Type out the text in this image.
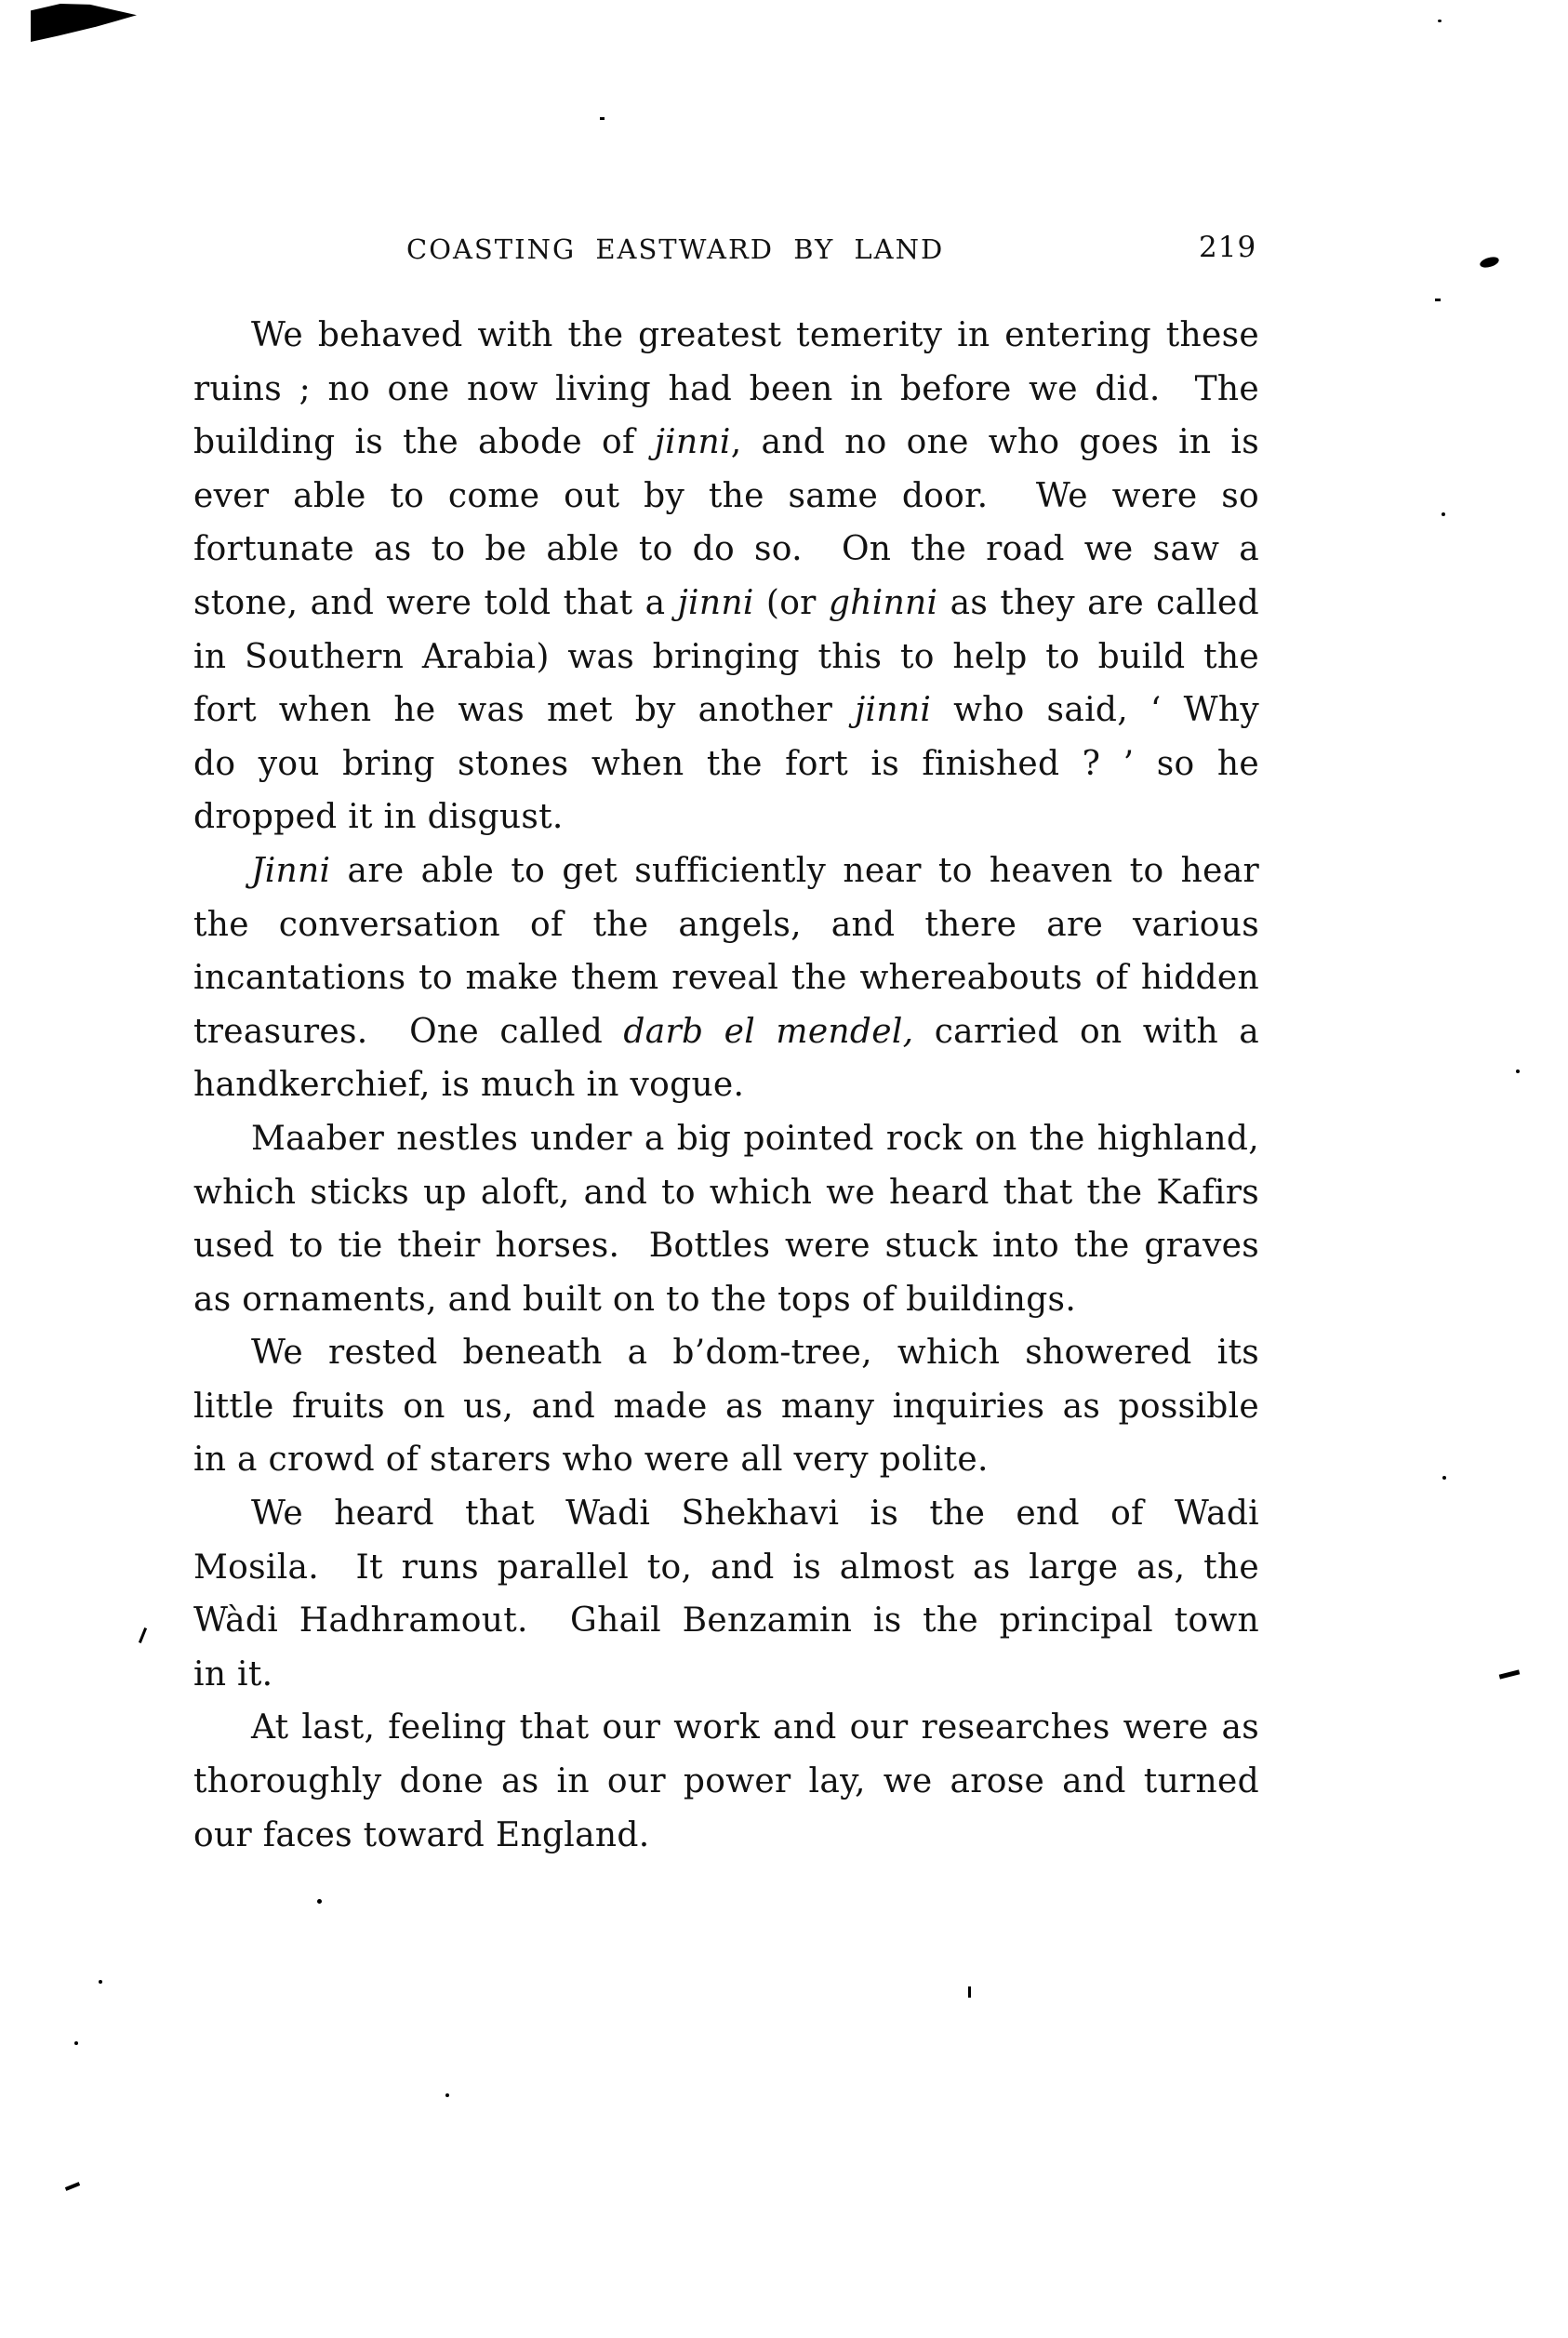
COASTING EASTWARD BY LAND	219
We behaved with the greatest temerity in entering these
ruins ; no one now living had been in before we did.  The
building is the abode of jinni, and no one who goes in is
ever able to come out by the same door.  We were so
fortunate as to be able to do so.  On the road we saw a
stone, and were told that a jinni (or ghinni as they are called
in Southern Arabia) was bringing this to help to build the
fort when he was met by another jinni who said, ‘ Why
do you bring stones when the fort is finished ? ’ so he
dropped it in disgust.
Jinni are able to get sufficiently near to heaven to hear
the conversation of the angels, and there are various
incantations to make them reveal the whereabouts of hidden
treasures.  One called darb el mendel, carried on with a
handkerchief, is much in vogue.
Maaber nestles under a big pointed rock on the highland,
which sticks up aloft, and to which we heard that the Kafirs
used to tie their horses.  Bottles were stuck into the graves
as ornaments, and built on to the tops of buildings.
We rested beneath a b’dom-tree, which showered its
little fruits on us, and made as many inquiries as possible
in a crowd of starers who were all very polite.
We heard that Wadi Shekhavi is the end of Wadi
Mosila.  It runs parallel to, and is almost as large as, the
Wàdi Hadhramout.  Ghail Benzamin is the principal town
in it.
At last, feeling that our work and our researches were as
thoroughly done as in our power lay, we arose and turned
our faces toward England.
